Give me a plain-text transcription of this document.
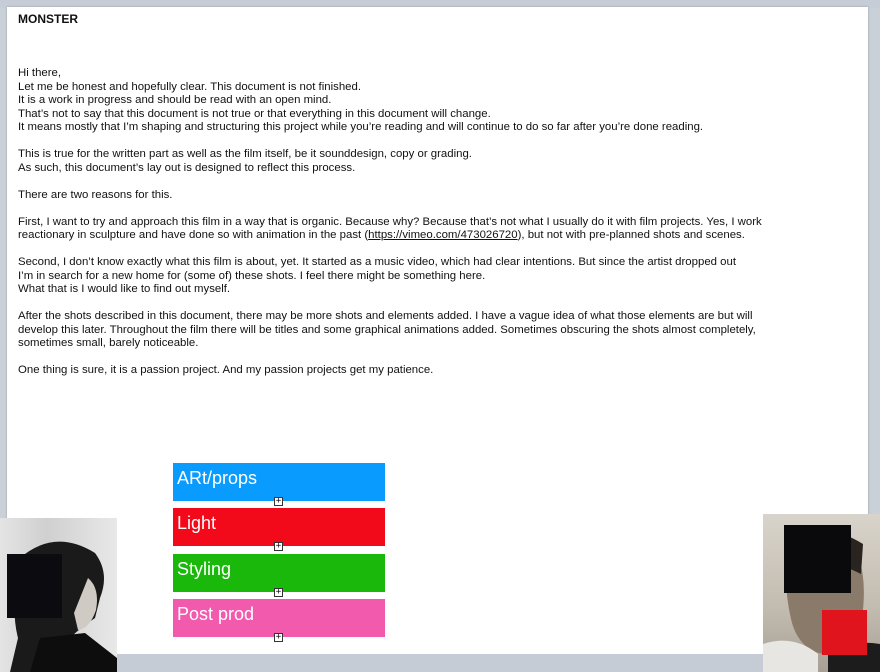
MONSTER

Hi there,
Let me be honest and hopefully clear. This document is not finished.
It is a work in progress and should be read with an open mind.
That’s not to say that this document is not true or that everything in this document will change.
It means mostly that I’m shaping and structuring this project while you’re reading and will continue to do so far after you’re done reading.

This is true for the written part as well as the film itself, be it sounddesign, copy or grading.
As such, this document’s lay out is designed to reflect this process.

There are two reasons for this.

First, I want to try and approach this film in a way that is organic. Because why? Because that’s not what I usually do it with film projects. Yes, I work reactionary in sculpture and have done so with animation in the past (https://vimeo.com/473026720), but not with pre-planned shots and scenes.

Second, I don’t know exactly what this film is about, yet. It started as a music video, which had clear intentions. But since the artist dropped out
I’m in search for a new home for (some of) these shots. I feel there might be something here.
What that is I would like to find out myself.

After the shots described in this document, there may be more shots and elements added. I have a vague idea of what those elements are but will develop this later. Throughout the film there will be titles and some graphical animations added. Sometimes obscuring the shots almost completely, sometimes small, barely noticeable.

One thing is sure, it is a passion project. And my passion projects get my patience.

ARt/props
+
Light
+
Styling
+
Post prod
+
